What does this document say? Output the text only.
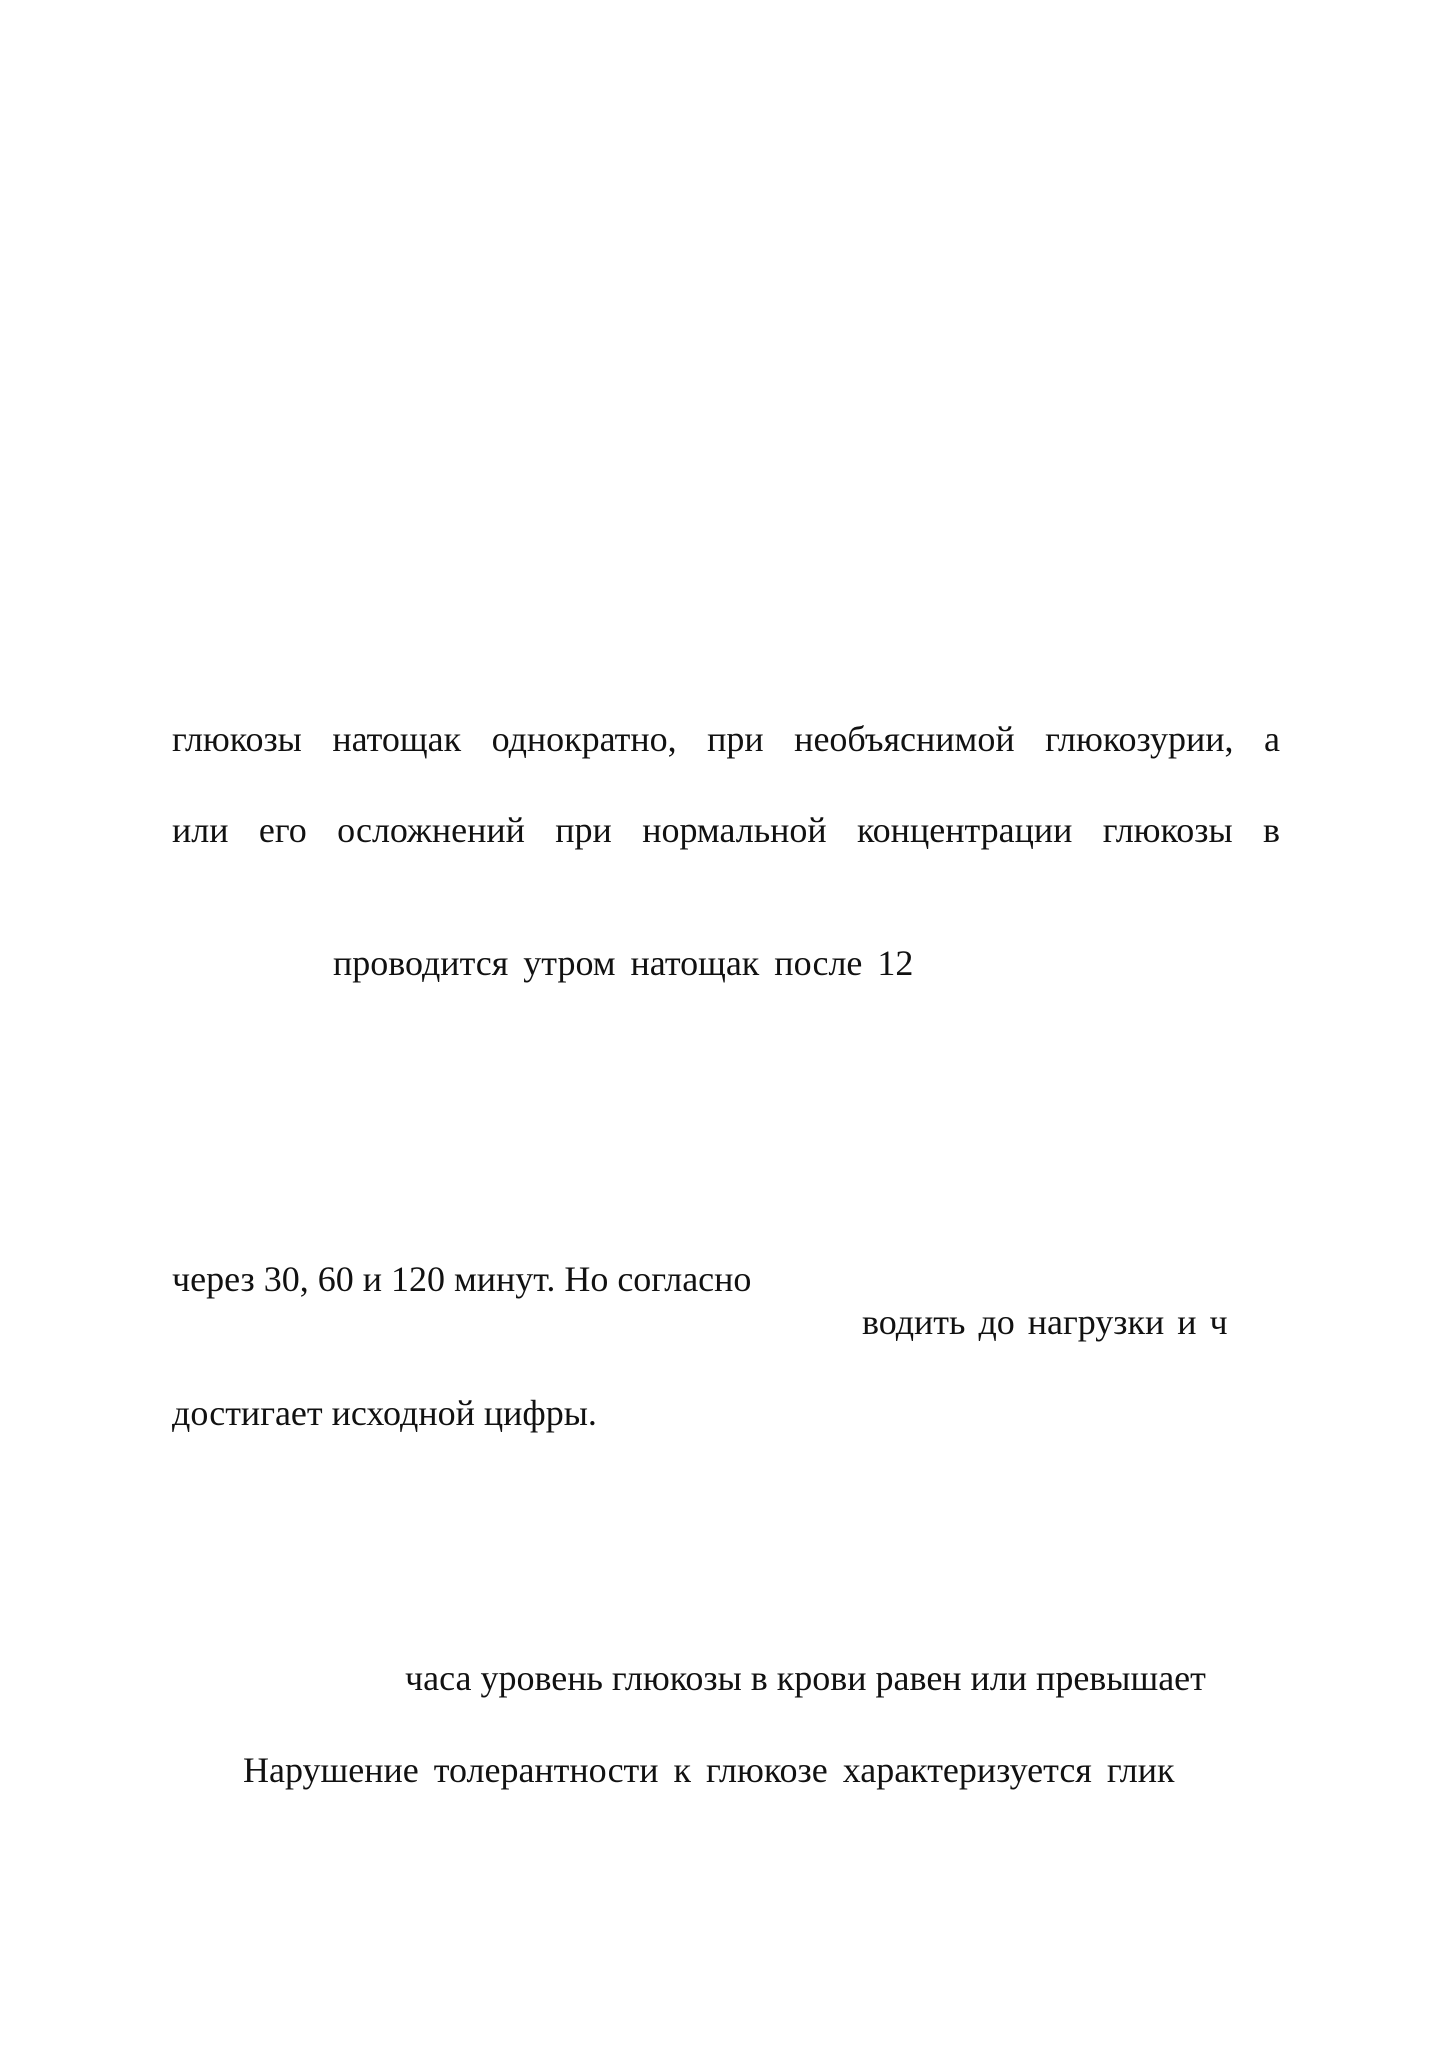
глюкозы натощак однократно, при необъяснимой глюкозурии, а
или его осложнений при нормальной концентрации глюкозы в
проводится утром натощак после 12
через 30, 60 и 120 минут. Но согласно
водить до нагрузки и ч
достигает исходной цифры.
часа уровень глюкозы в крови равен или превышает
Нарушение толерантности к глюкозе характеризуется глик
